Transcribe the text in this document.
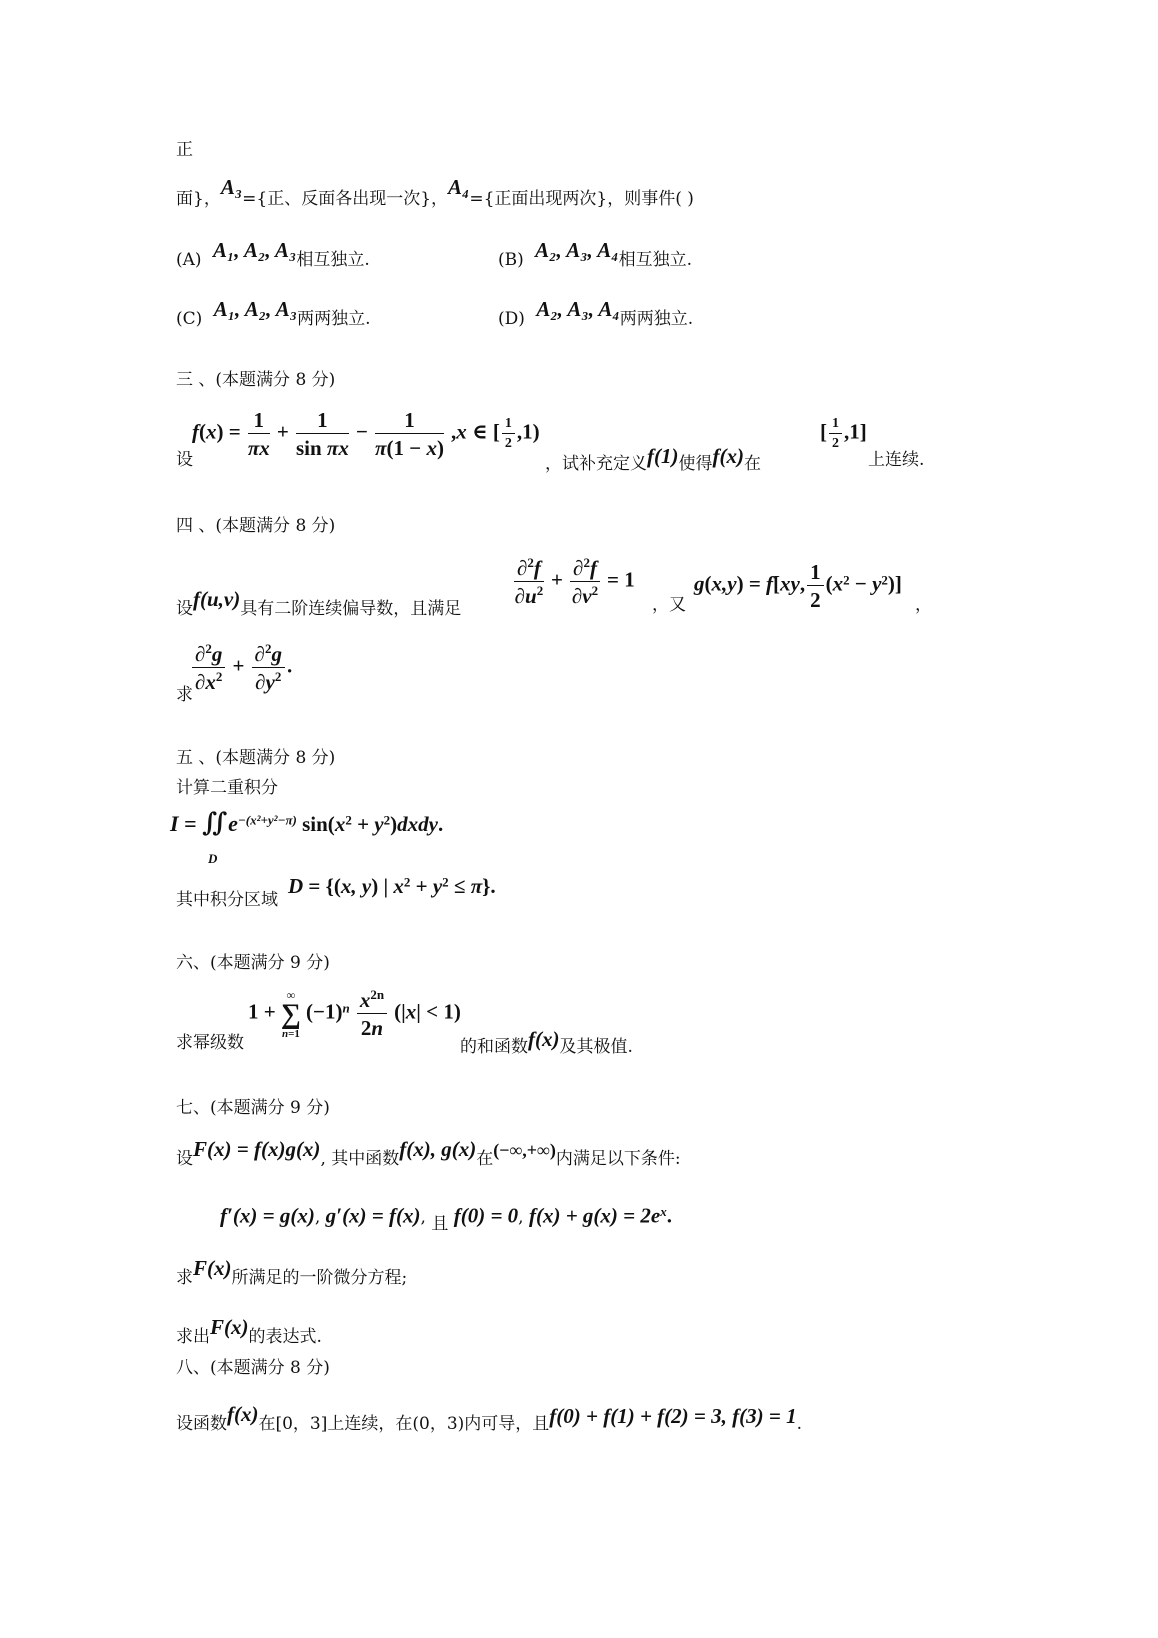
正
面}，A₃={正、反面各出现一次}，A₄={正面出现两次}，则事件( )
(A) A₁, A₂, A₃相互独立.	(B) A₂, A₃, A₄相互独立.
(C) A₁, A₂, A₃两两独立.	(D) A₂, A₃, A₄两两独立.
三 、(本题满分 8 分)
设
$f(x) = \frac{1}{\pi x} + \frac{1}{\text{sin πx}} - \frac{1}{\pi(1 - x)} ,x$ ∈ [ $\frac{1}{2} ,1$)
，试补充定义f(1)使得f(x)在
[ $\frac{1}{2} ,1$]
上连续.
四 、(本题满分 8 分)
设f(u,v)具有二阶连续偏导数，且满足
$\frac{\partial^2f}{\partial u^2} + \frac{\partial^2f}{\partial v^2} = 1$
，又
g(x,y) = f[xy, $\frac{1}{2} (x^2 - y^2)$]
，
求
$\frac{\partial^2g}{\partial x^2} + \frac{\partial^2g}{\partial y^2}$ .
五 、(本题满分 8 分)
计算二重积分
$I = ∬e^{-(x^2+y^2-\pi)}$ $\sin(x^2$ + $y^2)dxdy$.
D
其中积分区域
D = {(x, y) | $x^2 + y^2 \le \pi$}.
六、(本题满分 9 分)
求幂级数
1 +
∞
∑
n=1
$(-1)^n \frac{x^{2n}}{2n} (|x| < 1)$
的和函数f(x)及其极值.
七、(本题满分 9 分)
设F(x) = f(x)g(x), 其中函数f(x), g(x)在(−∞,+∞)内满足以下条件:
f′(x) = g(x), g′(x) = f(x), 且 f(0) = 0, $f(x) + g(x) = 2e^x$.
求F(x)所满足的一阶微分方程;
求出F(x)的表达式.
八、(本题满分 8 分)
设函数f(x)在[0，3]上连续，在(0，3)内可导，且f(0) + f(1) + f(2) = 3, f(3) = 1.
